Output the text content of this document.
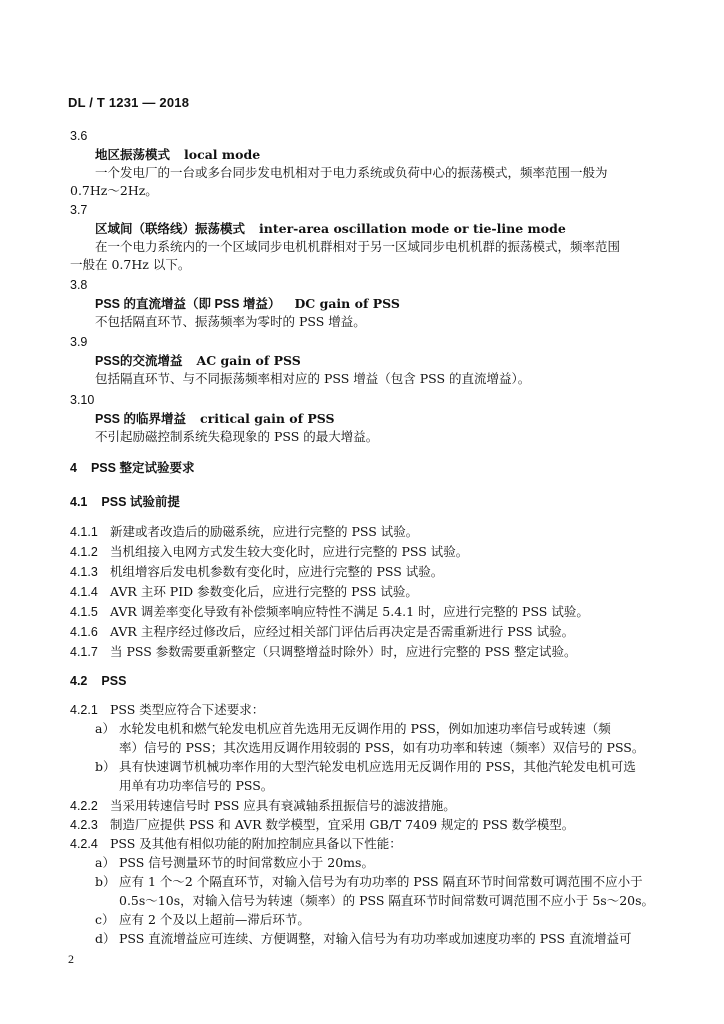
DL / T 1231 — 2018
3.6
地区振荡模式 local mode
一个发电厂的一台或多台同步发电机相对于电力系统或负荷中心的振荡模式，频率范围一般为
0.7Hz～2Hz。
3.7
区域间（联络线）振荡模式 inter-area oscillation mode or tie-line mode
在一个电力系统内的一个区域同步电机机群相对于另一区域同步电机机群的振荡模式，频率范围
一般在 0.7Hz 以下。
3.8
PSS 的直流增益（即 PSS 增益） DC gain of PSS
不包括隔直环节、振荡频率为零时的 PSS 增益。
3.9
PSS的交流增益 AC gain of PSS
包括隔直环节、与不同振荡频率相对应的 PSS 增益（包含 PSS 的直流增益）。
3.10
PSS 的临界增益 critical gain of PSS
不引起励磁控制系统失稳现象的 PSS 的最大增益。
4 PSS 整定试验要求
4.1 PSS 试验前提
4.1.1 新建或者改造后的励磁系统，应进行完整的 PSS 试验。
4.1.2 当机组接入电网方式发生较大变化时，应进行完整的 PSS 试验。
4.1.3 机组增容后发电机参数有变化时，应进行完整的 PSS 试验。
4.1.4 AVR 主环 PID 参数变化后，应进行完整的 PSS 试验。
4.1.5 AVR 调差率变化导致有补偿频率响应特性不满足 5.4.1 时，应进行完整的 PSS 试验。
4.1.6 AVR 主程序经过修改后，应经过相关部门评估后再决定是否需重新进行 PSS 试验。
4.1.7 当 PSS 参数需要重新整定（只调整增益时除外）时，应进行完整的 PSS 整定试验。
4.2 PSS
4.2.1 PSS 类型应符合下述要求：
a） 水轮发电机和燃气轮发电机应首先选用无反调作用的 PSS，例如加速功率信号或转速（频
率）信号的 PSS；其次选用反调作用较弱的 PSS，如有功功率和转速（频率）双信号的 PSS。
b） 具有快速调节机械功率作用的大型汽轮发电机应选用无反调作用的 PSS，其他汽轮发电机可选
用单有功功率信号的 PSS。
4.2.2 当采用转速信号时 PSS 应具有衰减轴系扭振信号的滤波措施。
4.2.3 制造厂应提供 PSS 和 AVR 数学模型，宜采用 GB/T 7409 规定的 PSS 数学模型。
4.2.4 PSS 及其他有相似功能的附加控制应具备以下性能：
a） PSS 信号测量环节的时间常数应小于 20ms。
b） 应有 1 个～2 个隔直环节，对输入信号为有功功率的 PSS 隔直环节时间常数可调范围不应小于
0.5s～10s，对输入信号为转速（频率）的 PSS 隔直环节时间常数可调范围不应小于 5s～20s。
c） 应有 2 个及以上超前—滞后环节。
d） PSS 直流增益应可连续、方便调整，对输入信号为有功功率或加速度功率的 PSS 直流增益可
2
